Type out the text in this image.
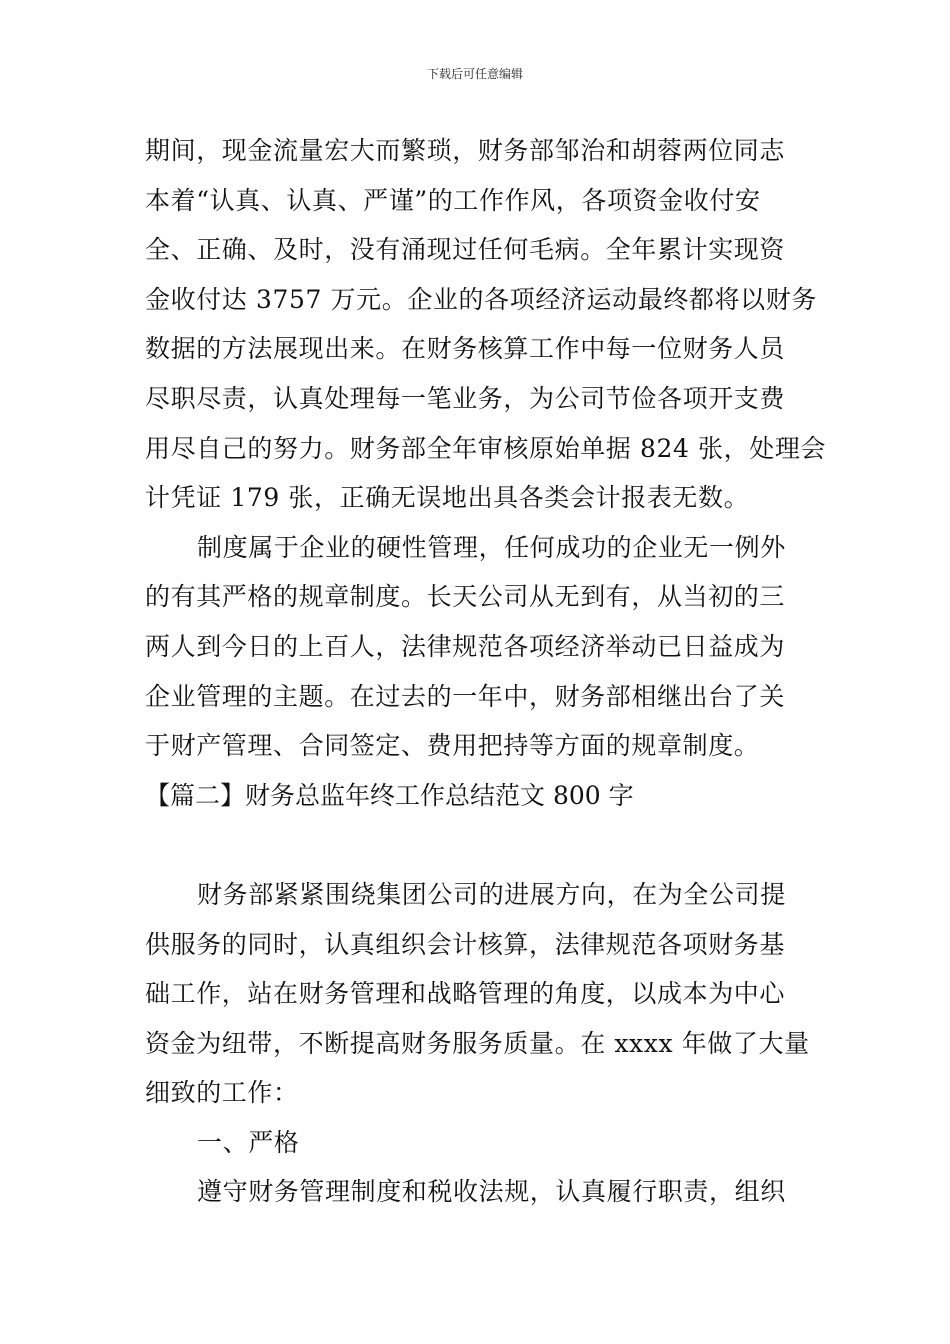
下载后可任意编辑
期间，现金流量宏大而繁琐，财务部邹治和胡蓉两位同志
本着“认真、认真、严谨”的工作作风，各项资金收付安
全、正确、及时，没有涌现过任何毛病。全年累计实现资
金收付达 3757 万元。企业的各项经济运动最终都将以财务
数据的方法展现出来。在财务核算工作中每一位财务人员
尽职尽责，认真处理每一笔业务，为公司节俭各项开支费
用尽自己的努力。财务部全年审核原始单据 824 张，处理会
计凭证 179 张，正确无误地出具各类会计报表无数。
制度属于企业的硬性管理，任何成功的企业无一例外
的有其严格的规章制度。长天公司从无到有，从当初的三
两人到今日的上百人，法律规范各项经济举动已日益成为
企业管理的主题。在过去的一年中，财务部相继出台了关
于财产管理、合同签定、费用把持等方面的规章制度。
【篇二】财务总监年终工作总结范文 800 字
财务部紧紧围绕集团公司的进展方向，在为全公司提
供服务的同时，认真组织会计核算，法律规范各项财务基
础工作，站在财务管理和战略管理的角度，以成本为中心
资金为纽带，不断提高财务服务质量。在 xxxx 年做了大量
细致的工作：
一、严格
遵守财务管理制度和税收法规，认真履行职责，组织
